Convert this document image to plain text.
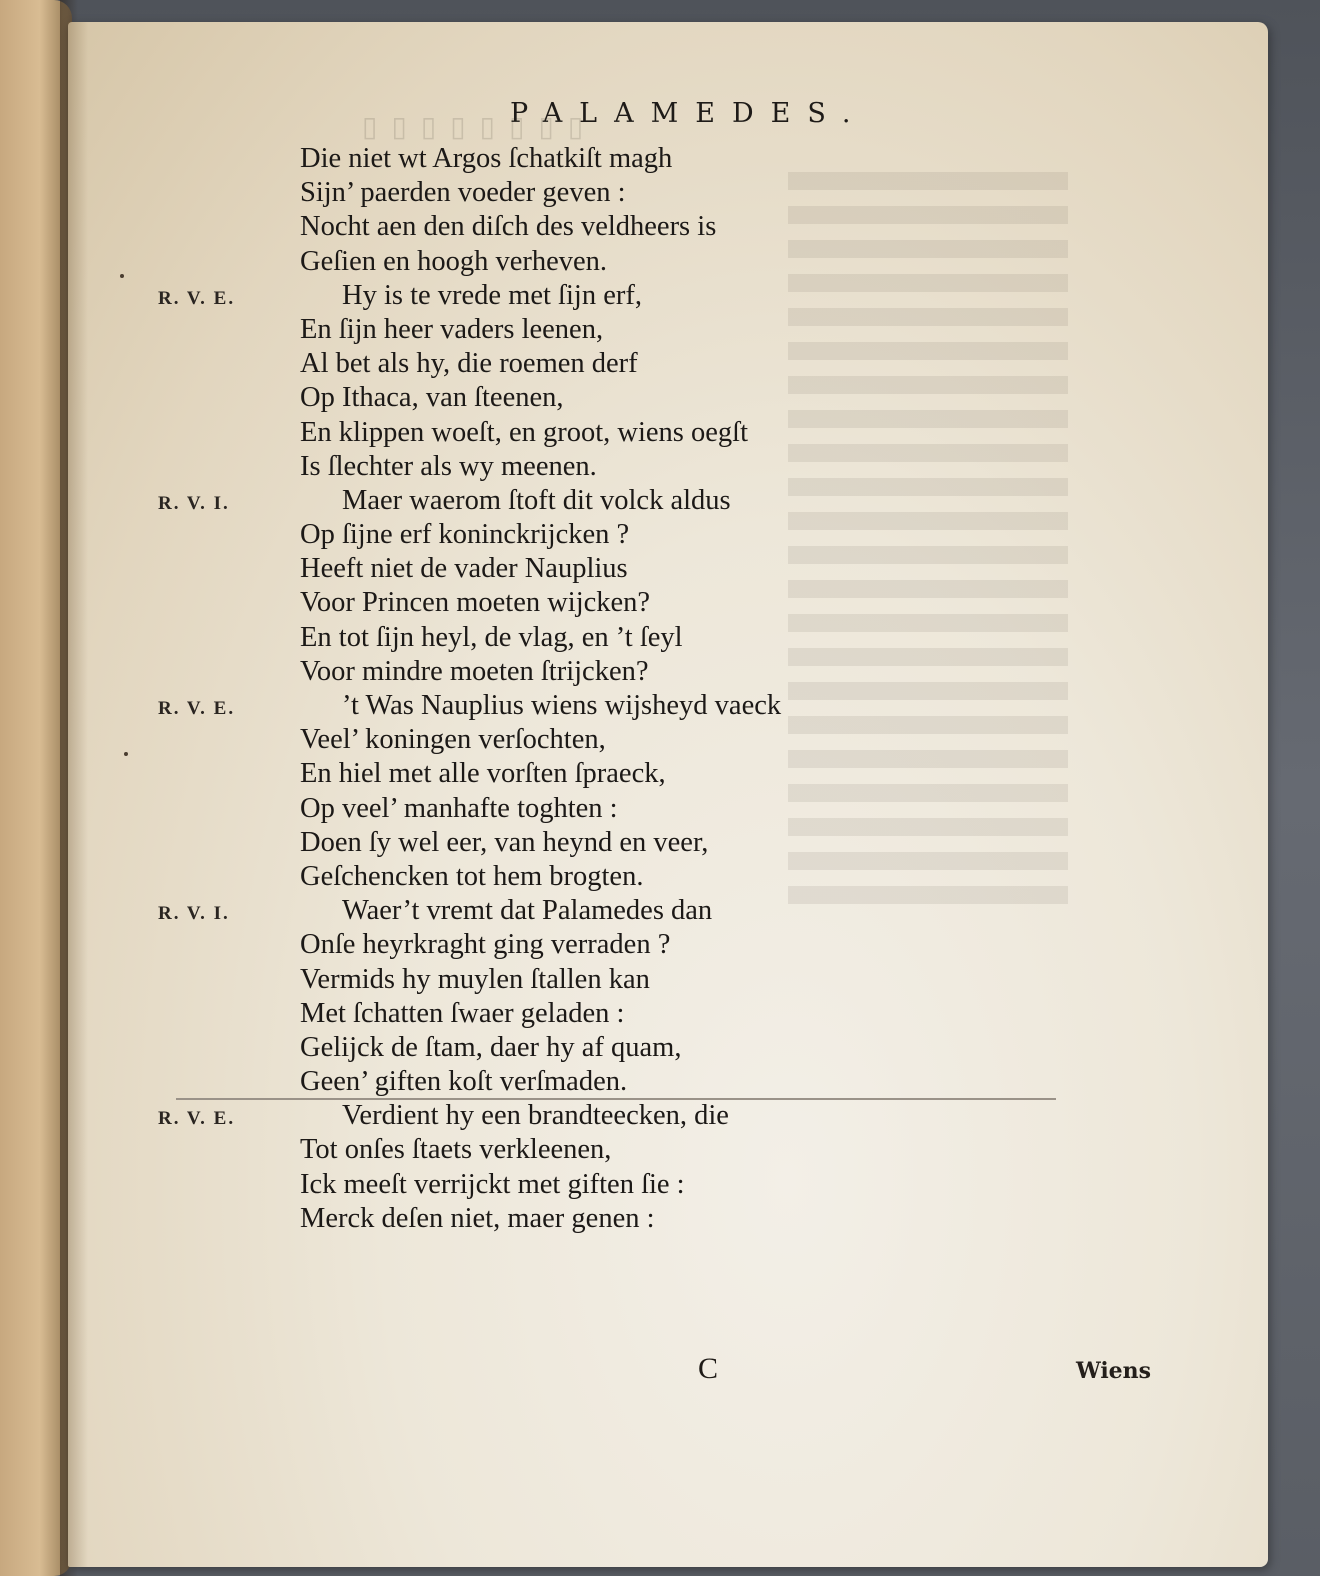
▯▯▯▯▯▯▯▯
PALAMEDES.
Die niet wt Argos ſchatkiſt magh
Sijn’ paerden voeder geven :
Nocht aen den diſch des veldheers is
Geſien en hoogh verheven.
R. V. E.	Hy is te vrede met ſijn erf,
En ſijn heer vaders leenen,
Al bet als hy, die roemen derf
Op Ithaca, van ſteenen,
En klippen woeſt, en groot, wiens oegſt
Is ſlechter als wy meenen.
R. V. I.	Maer waerom ſtoft dit volck aldus
Op ſijne erf koninckrijcken ?
Heeft niet de vader Nauplius
Voor Princen moeten wijcken?
En tot ſijn heyl, de vlag, en ’t ſeyl
Voor mindre moeten ſtrijcken?
R. V. E.	’t Was Nauplius wiens wijsheyd vaeck
Veel’ koningen verſochten,
En hiel met alle vorſten ſpraeck,
Op veel’ manhafte toghten :
Doen ſy wel eer, van heynd en veer,
Geſchencken tot hem brogten.
R. V. I.	Waer’t vremt dat Palamedes dan
Onſe heyrkraght ging verraden ?
Vermids hy muylen ſtallen kan
Met ſchatten ſwaer geladen :
Gelijck de ſtam, daer hy af quam,
Geen’ giften koſt verſmaden.
R. V. E.	Verdient hy een brandteecken, die
Tot onſes ſtaets verkleenen,
Ick meeſt verrijckt met giften ſie :
Merck deſen niet, maer genen :
C	Wiens
